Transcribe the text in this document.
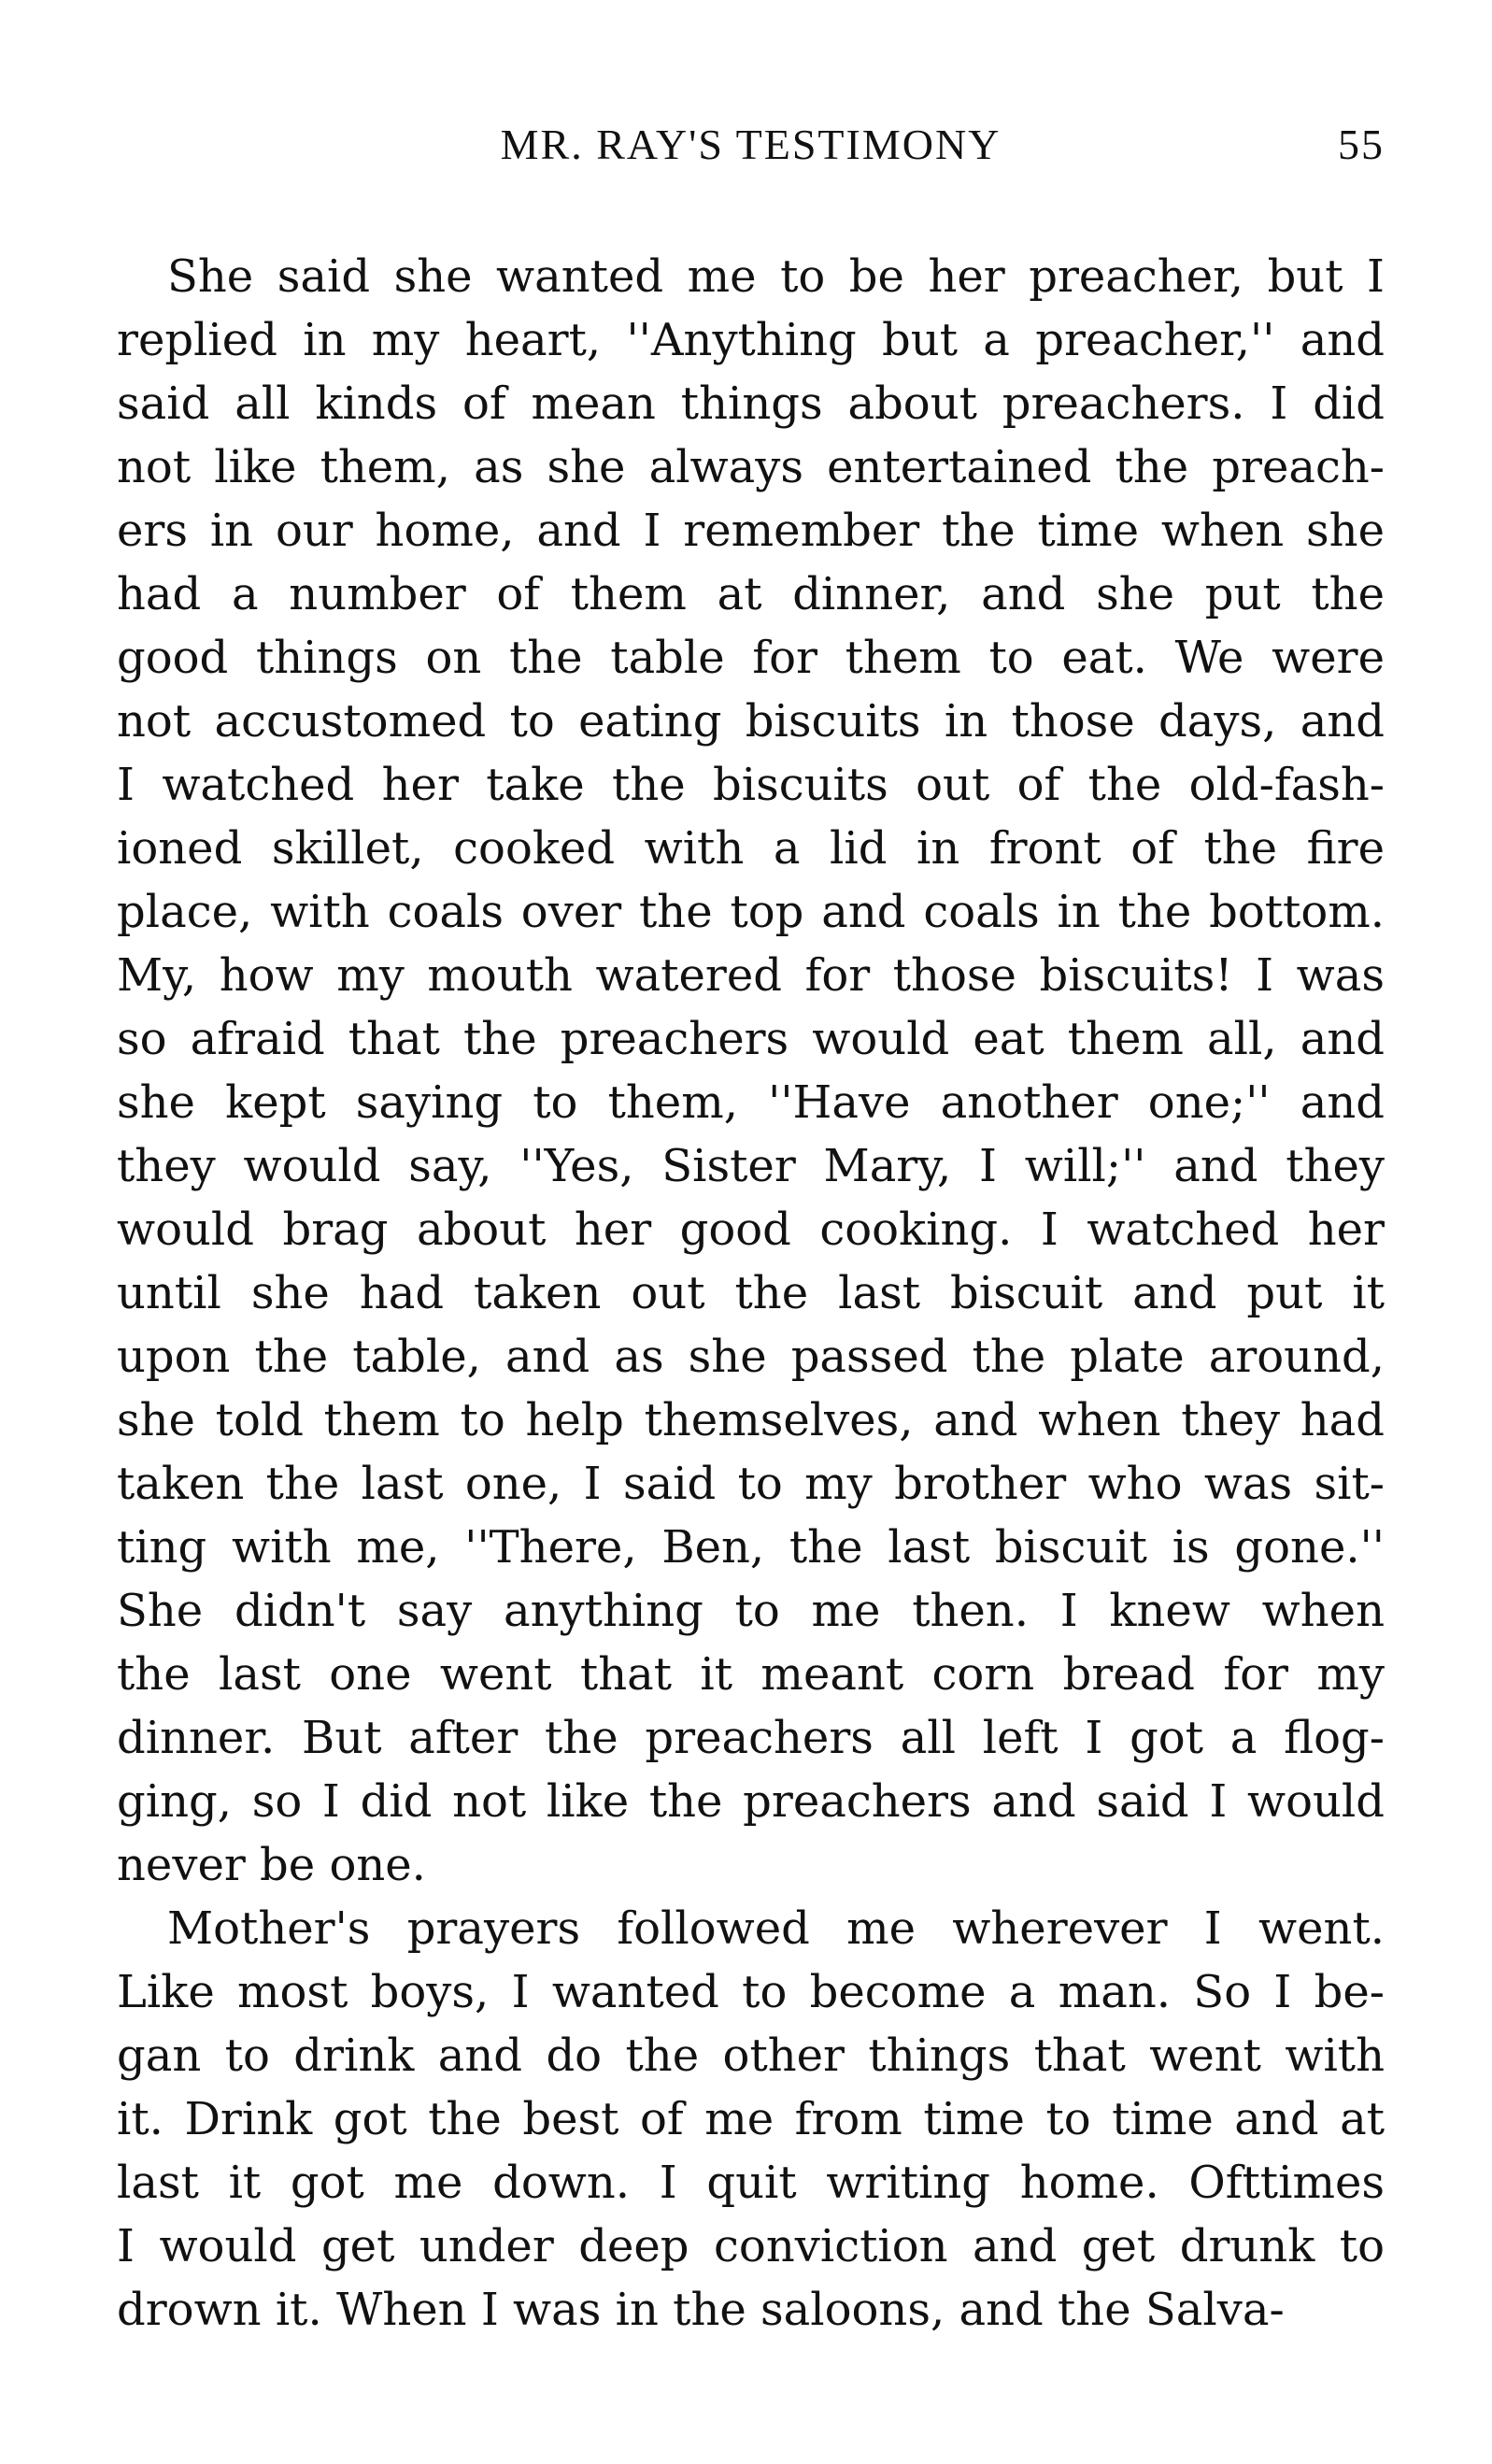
MR. RAY'S TESTIMONY	55
She said she wanted me to be her preacher, but I
replied in my heart, ''Anything but a preacher,'' and
said all kinds of mean things about preachers. I did
not like them, as she always entertained the preach-
ers in our home, and I remember the time when she
had a number of them at dinner, and she put the
good things on the table for them to eat. We were
not accustomed to eating biscuits in those days, and
I watched her take the biscuits out of the old-fash-
ioned skillet, cooked with a lid in front of the fire
place, with coals over the top and coals in the bottom.
My, how my mouth watered for those biscuits! I was
so afraid that the preachers would eat them all, and
she kept saying to them, ''Have another one;'' and
they would say, ''Yes, Sister Mary, I will;'' and they
would brag about her good cooking. I watched her
until she had taken out the last biscuit and put it
upon the table, and as she passed the plate around,
she told them to help themselves, and when they had
taken the last one, I said to my brother who was sit-
ting with me, ''There, Ben, the last biscuit is gone.''
She didn't say anything to me then. I knew when
the last one went that it meant corn bread for my
dinner. But after the preachers all left I got a flog-
ging, so I did not like the preachers and said I would
never be one.
Mother's prayers followed me wherever I went.
Like most boys, I wanted to become a man. So I be-
gan to drink and do the other things that went with
it. Drink got the best of me from time to time and at
last it got me down. I quit writing home. Ofttimes
I would get under deep conviction and get drunk to
drown it. When I was in the saloons, and the Salva-
